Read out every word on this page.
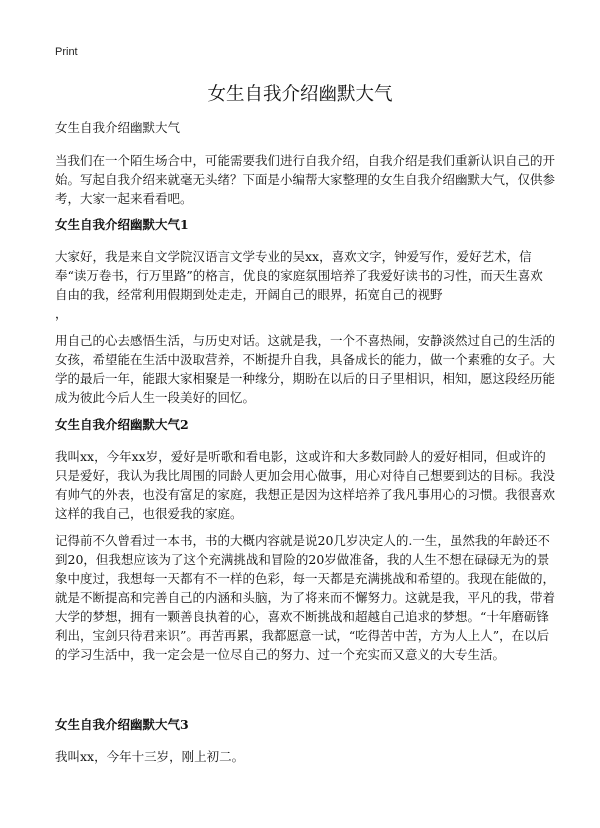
Print
女生自我介绍幽默大气
女生自我介绍幽默大气

当我们在一个陌生场合中，可能需要我们进行自我介绍，自我介绍是我们重新认识自己的开始。写起自我介绍来就毫无头绪？下面是小编帮大家整理的女生自我介绍幽默大气，仅供参考，大家一起来看看吧。

女生自我介绍幽默大气1

大家好，我是来自文学院汉语言文学专业的吴xx，喜欢文字，钟爱写作，爱好艺术，信奉“读万卷书，行万里路”的格言，优良的家庭氛围培养了我爱好读书的习性，而天生喜欢自由的我，经常利用假期到处走走，开阔自己的眼界，拓宽自己的视野

，

用自己的心去感悟生活，与历史对话。这就是我，一个不喜热闹，安静淡然过自己的生活的女孩，希望能在生活中汲取营养，不断提升自我，具备成长的能力，做一个素雅的女子。大学的最后一年，能跟大家相聚是一种缘分，期盼在以后的日子里相识，相知，愿这段经历能成为彼此今后人生一段美好的回忆。

女生自我介绍幽默大气2

我叫xx，今年xx岁，爱好是听歌和看电影，这或许和大多数同龄人的爱好相同，但或许的只是爱好，我认为我比周围的同龄人更加会用心做事，用心对待自己想要到达的目标。我没有帅气的外表，也没有富足的家庭，我想正是因为这样培养了我凡事用心的习惯。我很喜欢这样的我自己，也很爱我的家庭。

记得前不久曾看过一本书，书的大概内容就是说20几岁决定人的.一生，虽然我的年龄还不到20，但我想应该为了这个充满挑战和冒险的20岁做准备，我的人生不想在碌碌无为的景象中度过，我想每一天都有不一样的色彩，每一天都是充满挑战和希望的。我现在能做的，就是不断提高和完善自己的内涵和头脑，为了将来而不懈努力。这就是我，平凡的我，带着大学的梦想，拥有一颗善良执着的心，喜欢不断挑战和超越自己追求的梦想。“十年磨砺锋利出，宝剑只待君来识”。再苦再累，我都愿意一试，“吃得苦中苦，方为人上人”，在以后的学习生活中，我一定会是一位尽自己的努力、过一个充实而又意义的大专生活。

女生自我介绍幽默大气3

我叫xx，今年十三岁，刚上初二。
